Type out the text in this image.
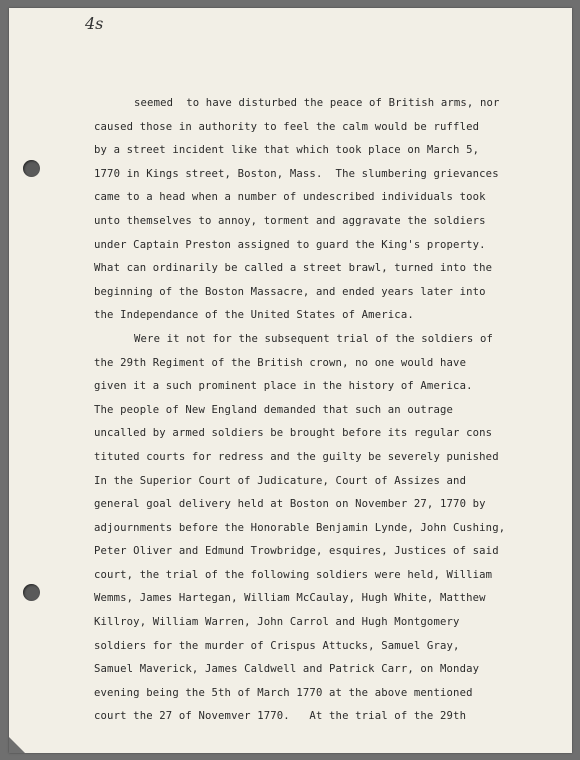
4s
seemed  to have disturbed the peace of British arms, nor
caused those in authority to feel the calm would be ruffled
by a street incident like that which took place on March 5,
1770 in Kings street, Boston, Mass.  The slumbering grievances
came to a head when a number of undescribed individuals took
unto themselves to annoy, torment and aggravate the soldiers
under Captain Preston assigned to guard the King's property.
What can ordinarily be called a street brawl, turned into the
beginning of the Boston Massacre, and ended years later into
the Independance of the United States of America.
Were it not for the subsequent trial of the soldiers of
the 29th Regiment of the British crown, no one would have
given it a such prominent place in the history of America.
The people of New England demanded that such an outrage
uncalled by armed soldiers be brought before its regular cons
tituted courts for redress and the guilty be severely punished
In the Superior Court of Judicature, Court of Assizes and
general goal delivery held at Boston on November 27, 1770 by
adjournments before the Honorable Benjamin Lynde, John Cushing,
Peter Oliver and Edmund Trowbridge, esquires, Justices of said
court, the trial of the following soldiers were held, William
Wemms, James Hartegan, William McCaulay, Hugh White, Matthew
Killroy, William Warren, John Carrol and Hugh Montgomery
soldiers for the murder of Crispus Attucks, Samuel Gray,
Samuel Maverick, James Caldwell and Patrick Carr, on Monday
evening being the 5th of March 1770 at the above mentioned
court the 27 of Novemver 1770.   At the trial of the 29th
